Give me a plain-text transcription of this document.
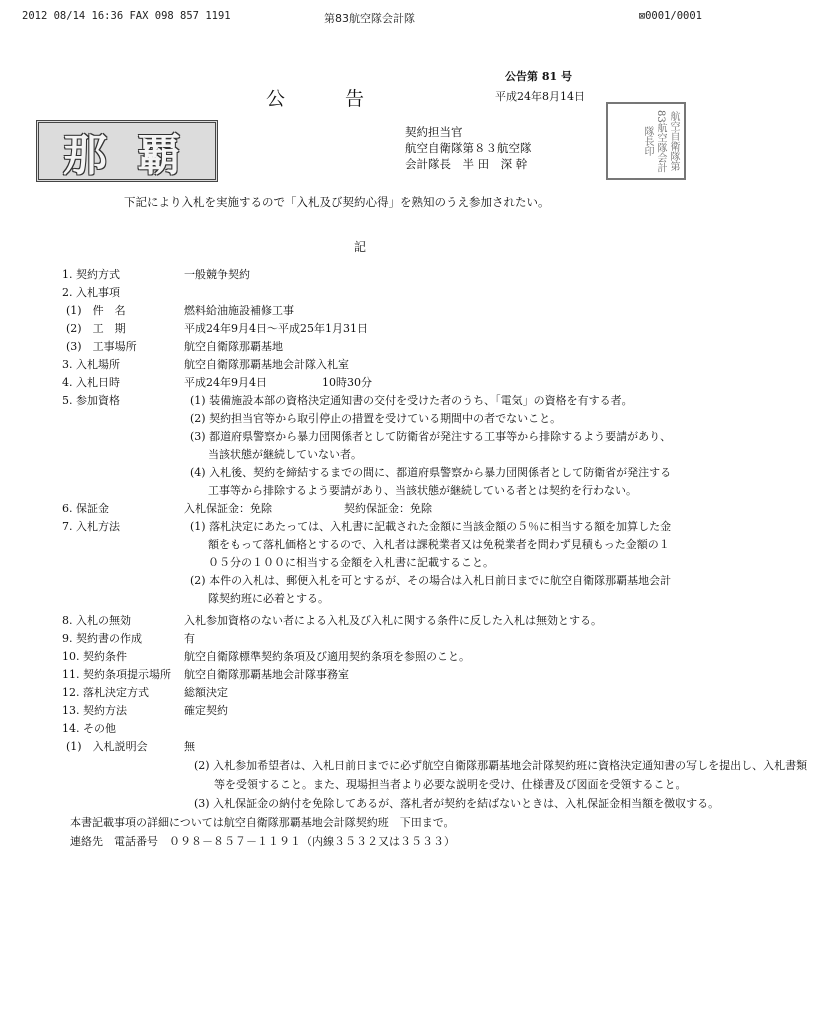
2012 08/14 16:36 FAX 098 857 1191	第83航空隊会計隊	⊠0001/0001
公告第 81 号
平成24年8月14日
公告
那覇	契約担当官
航空自衛隊第８３航空隊
会計隊長　半 田　深 幹	航空自衛隊第83航空隊会計隊長印
下記により入札を実施するので「入札及び契約心得」を熟知のうえ参加されたい。
記
1. 契約方式	一般競争契約
2. 入札事項
(1)　件　名	燃料給油施設補修工事
(2)　工　期	平成24年9月4日～平成25年1月31日
(3)　工事場所	航空自衛隊那覇基地
3. 入札場所	航空自衛隊那覇基地会計隊入札室
4. 入札日時	平成24年9月4日	10時30分
5. 参加資格	(1) 装備施設本部の資格決定通知書の交付を受けた者のうち、「電気」の資格を有する者。
(2) 契約担当官等から取引停止の措置を受けている期間中の者でないこと。
(3) 都道府県警察から暴力団関係者として防衛省が発注する工事等から排除するよう要請があり、当該状態が継続していない者。
(4) 入札後、契約を締結するまでの間に、都道府県警察から暴力団関係者として防衛省が発注する工事等から排除するよう要請があり、当該状態が継続している者とは契約を行わない。
6. 保証金	入札保証金：免除	契約保証金：免除
7. 入札方法	(1) 落札決定にあたっては、入札書に記載された金額に当該金額の５％に相当する額を加算した金額をもって落札価格とするので、入札者は課税業者又は免税業者を問わず見積もった金額の１０５分の１００に相当する金額を入札書に記載すること。
(2) 本件の入札は、郵便入札を可とするが、その場合は入札日前日までに航空自衛隊那覇基地会計隊契約班に必着とする。
8. 入札の無効	入札参加資格のない者による入札及び入札に関する条件に反した入札は無効とする。
9. 契約書の作成	有
10. 契約条件	航空自衛隊標準契約条項及び適用契約条項を参照のこと。
11. 契約条項提示場所 航空自衛隊那覇基地会計隊事務室
12. 落札決定方式	総額決定
13. 契約方法	確定契約
14. その他
(1)　入札説明会	無
(2) 入札参加希望者は、入札日前日までに必ず航空自衛隊那覇基地会計隊契約班に資格決定通知書の写しを提出し、入札書類等を受領すること。また、現場担当者より必要な説明を受け、仕様書及び図面を受領すること。
(3) 入札保証金の納付を免除してあるが、落札者が契約を結ばないときは、入札保証金相当額を徴収する。
本書記載事項の詳細については航空自衛隊那覇基地会計隊契約班　下田まで。
連絡先　電話番号　０９８－８５７－１１９１（内線３５３２又は３５３３）
